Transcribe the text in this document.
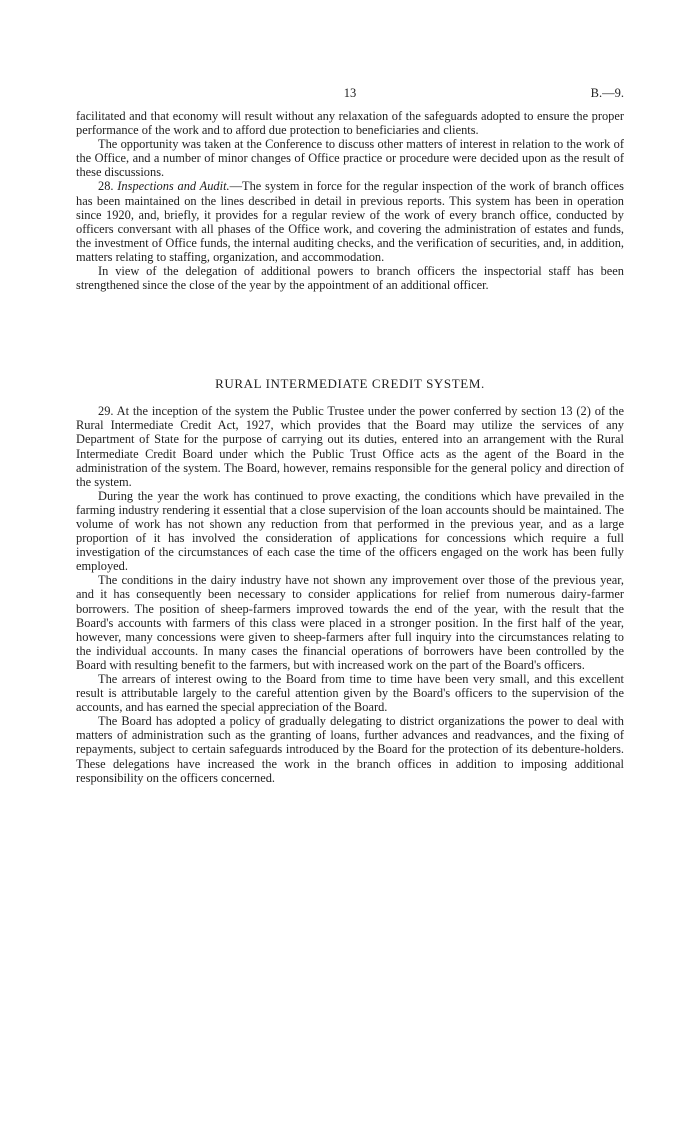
13	B.—9.

facilitated and that economy will result without any relaxation of the safeguards adopted to ensure the proper performance of the work and to afford due protection to beneficiaries and clients.

The opportunity was taken at the Conference to discuss other matters of interest in relation to the work of the Office, and a number of minor changes of Office practice or procedure were decided upon as the result of these discussions.

28. Inspections and Audit.—The system in force for the regular inspection of the work of branch offices has been maintained on the lines described in detail in previous reports. This system has been in operation since 1920, and, briefly, it provides for a regular review of the work of every branch office, conducted by officers conversant with all phases of the Office work, and covering the administration of estates and funds, the investment of Office funds, the internal auditing checks, and the verification of securities, and, in addition, matters relating to staffing, organization, and accommodation.

In view of the delegation of additional powers to branch officers the inspectorial staff has been strengthened since the close of the year by the appointment of an additional officer.

RURAL INTERMEDIATE CREDIT SYSTEM.

29. At the inception of the system the Public Trustee under the power conferred by section 13 (2) of the Rural Intermediate Credit Act, 1927, which provides that the Board may utilize the services of any Department of State for the purpose of carrying out its duties, entered into an arrangement with the Rural Intermediate Credit Board under which the Public Trust Office acts as the agent of the Board in the administration of the system. The Board, however, remains responsible for the general policy and direction of the system.

During the year the work has continued to prove exacting, the conditions which have prevailed in the farming industry rendering it essential that a close supervision of the loan accounts should be maintained. The volume of work has not shown any reduction from that performed in the previous year, and as a large proportion of it has involved the consideration of applications for concessions which require a full investigation of the circumstances of each case the time of the officers engaged on the work has been fully employed.

The conditions in the dairy industry have not shown any improvement over those of the previous year, and it has consequently been necessary to consider applications for relief from numerous dairy-farmer borrowers. The position of sheep-farmers improved towards the end of the year, with the result that the Board's accounts with farmers of this class were placed in a stronger position. In the first half of the year, however, many concessions were given to sheep-farmers after full inquiry into the circumstances relating to the individual accounts. In many cases the financial operations of borrowers have been controlled by the Board with resulting benefit to the farmers, but with increased work on the part of the Board's officers.

The arrears of interest owing to the Board from time to time have been very small, and this excellent result is attributable largely to the careful attention given by the Board's officers to the supervision of the accounts, and has earned the special appreciation of the Board.

The Board has adopted a policy of gradually delegating to district organizations the power to deal with matters of administration such as the granting of loans, further advances and readvances, and the fixing of repayments, subject to certain safeguards introduced by the Board for the protection of its debenture-holders. These delegations have increased the work in the branch offices in addition to imposing additional responsibility on the officers concerned.
